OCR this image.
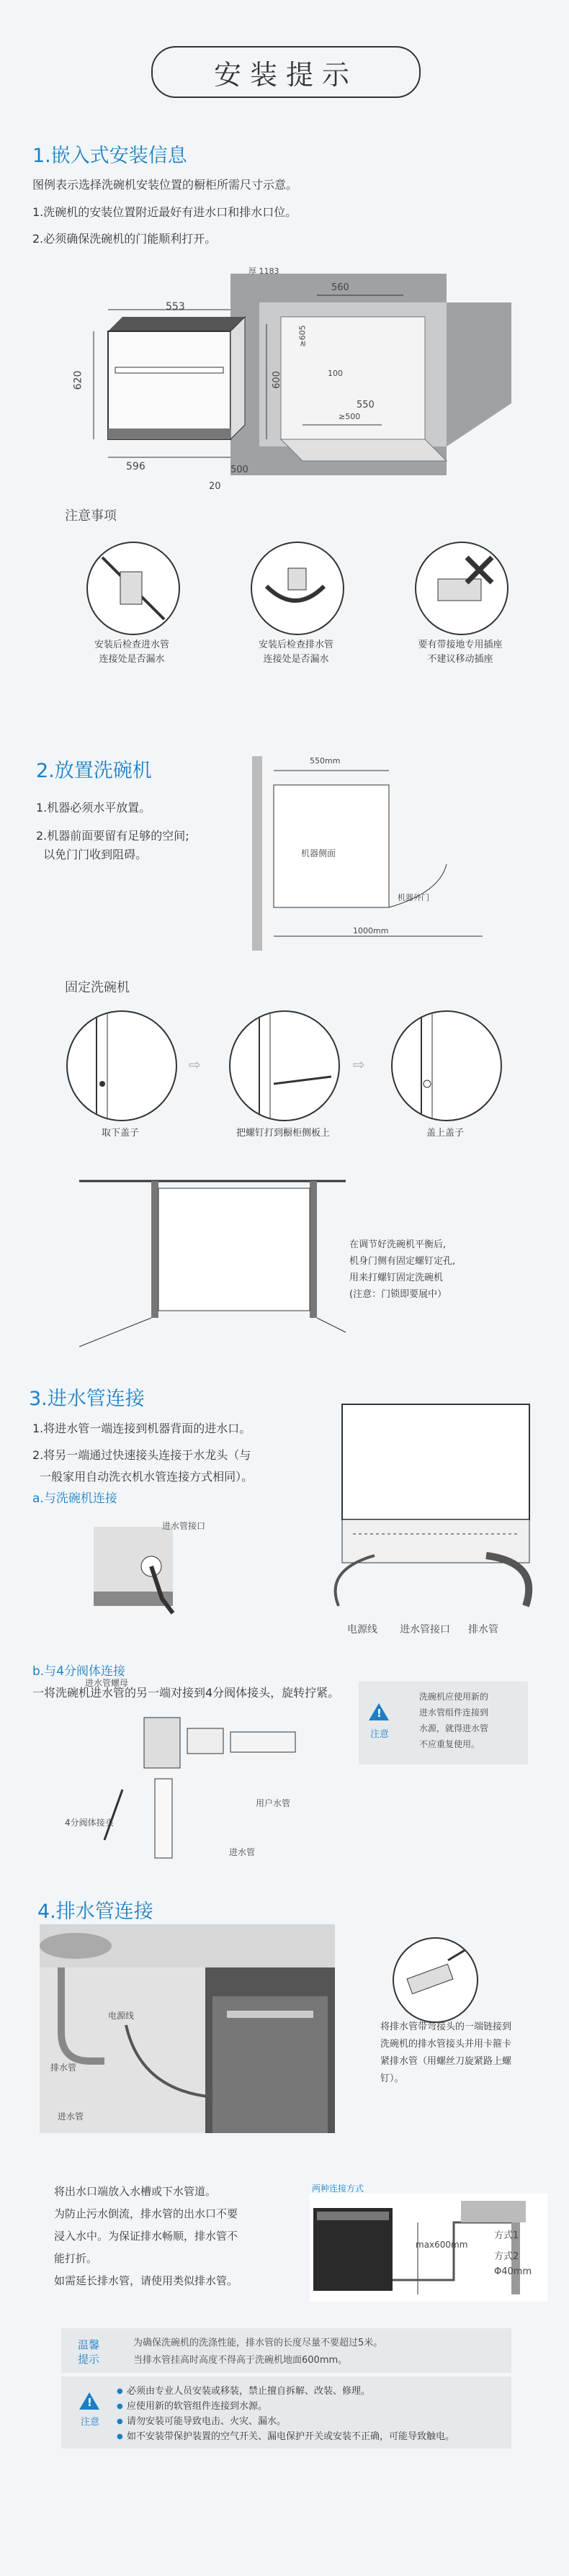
安装提示
1.嵌入式安装信息
图例表示选择洗碗机安装位置的橱柜所需尺寸示意。
1.洗碗机的安装位置附近最好有进水口和排水口位。
2.必须确保洗碗机的门能顺利打开。
553
620
596
20
500
560
厚 1183
600
≥605
100
550
≥500
注意事项
安装后检查进水管
连接处是否漏水
安装后检查排水管
连接处是否漏水
要有带接地专用插座
不建议移动插座
2.放置洗碗机
1.机器必须水平放置。
2.机器前面要留有足够的空间;
以免门门收到阻碍。
550mm
机器侧面
机器外门
1000mm
固定洗碗机
⇨	⇨
取下盖子	把螺钉打到橱柜侧板上	盖上盖子
在调节好洗碗机平衡后,
机身门侧有固定螺钉定孔,
用来打螺钉固定洗碗机
(注意：门锁即要展中）
3.进水管连接
1.将进水管一端连接到机器背面的进水口。
2.将另一端通过快速接头连接于水龙头（与
一般家用自动洗衣机水管连接方式相同）。
a.与洗碗机连接
进水管接口
进水管螺母
电源线 进水管接口 排水管
b.与4分阀体连接
一将洗碗机进水管的另一端对接到4分阀体接头，旋转拧紧。
4分阀体接头
用户水管
进水管
!
注意
洗碗机应使用新的
进水管组件连接到
水源，就得进水管
不应重复使用。
4.排水管连接
电源线
排水管
进水管
将排水管带弯接头的一端链接到
洗碗机的排水管接头并用卡箍卡
紧排水管（用螺丝刀旋紧路上螺
钉）。
将出水口端放入水槽或下水管道。
为防止污水倒流，排水管的出水口不要
浸入水中。为保证排水畅顺，排水管不
能打折。
如需延长排水管，请使用类似排水管。
两种连接方式
max600mm
方式1
方式2
Φ40mm
温馨
提示
为确保洗碗机的洗涤性能，排水管的长度尽量不要超过5米。
当排水管挂高时高度不得高于洗碗机地面600mm。
!
注意
● 必须由专业人员安装或移装，禁止擅自拆解、改装、修理。
● 应使用新的软管组件连接到水源。
● 请勿安装可能导致电击、火灾、漏水。
● 如不安装带保护装置的空气开关、漏电保护开关或安装不正确，可能导致触电。
